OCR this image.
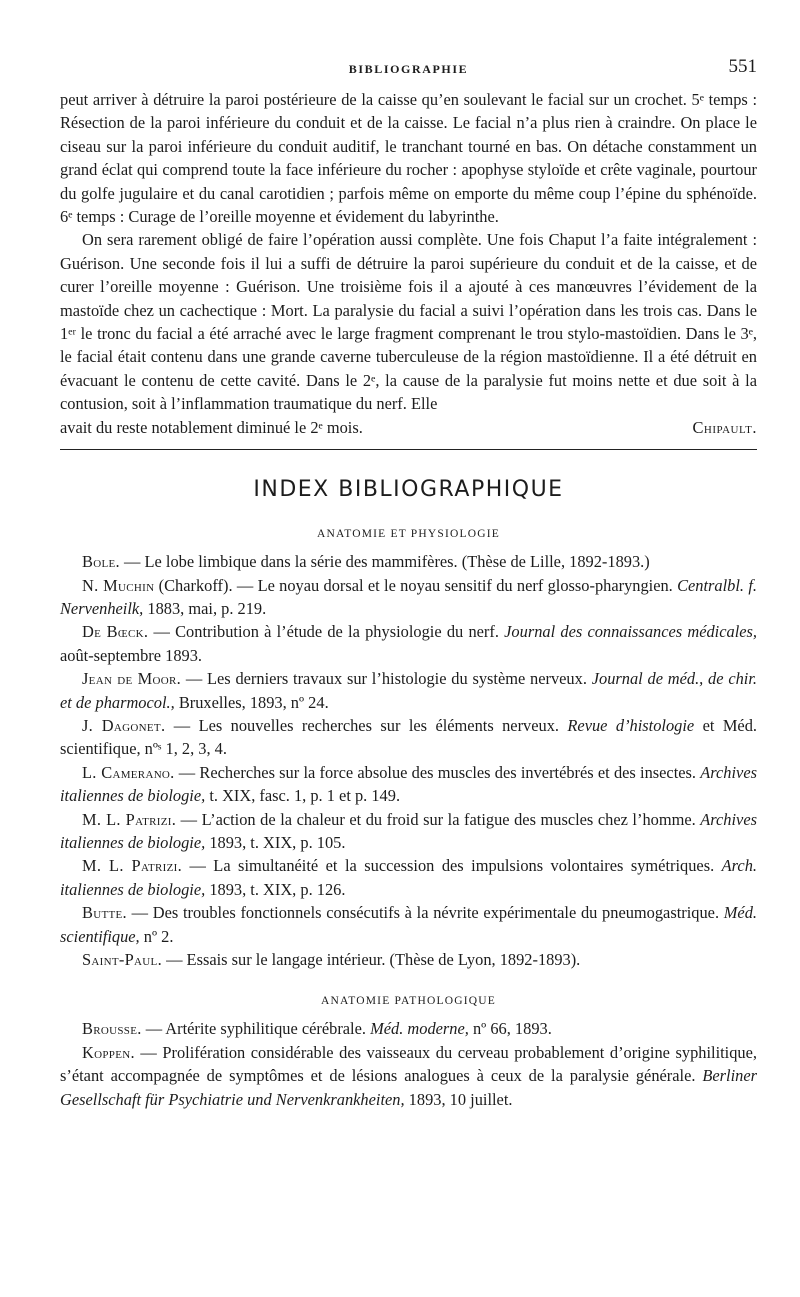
BIBLIOGRAPHIE	551

peut arriver à détruire la paroi postérieure de la caisse qu’en soulevant le facial sur un crochet. 5ᵉ temps : Résection de la paroi inférieure du conduit et de la caisse. Le facial n’a plus rien à craindre. On place le ciseau sur la paroi inférieure du conduit auditif, le tranchant tourné en bas. On détache constamment un grand éclat qui comprend toute la face inférieure du rocher : apophyse styloïde et crête vaginale, pourtour du golfe jugulaire et du canal carotidien ; parfois même on emporte du même coup l’épine du sphénoïde. 6ᵉ temps : Curage de l’oreille moyenne et évidement du labyrinthe.

On sera rarement obligé de faire l’opération aussi complète. Une fois Chaput l’a faite intégralement : Guérison. Une seconde fois il lui a suffi de détruire la paroi supérieure du conduit et de la caisse, et de curer l’oreille moyenne : Guérison. Une troisième fois il a ajouté à ces manœuvres l’évidement de la mastoïde chez un cachectique : Mort. La paralysie du facial a suivi l’opération dans les trois cas. Dans le 1ᵉʳ le tronc du facial a été arraché avec le large fragment comprenant le trou stylo-mastoïdien. Dans le 3ᵉ, le facial était contenu dans une grande caverne tuberculeuse de la région mastoïdienne. Il a été détruit en évacuant le contenu de cette cavité. Dans le 2ᵉ, la cause de la paralysie fut moins nette et due soit à la contusion, soit à l’inflammation traumatique du nerf. Elle

avait du reste notablement diminué le 2ᵉ mois.	Chipault.
INDEX BIBLIOGRAPHIQUE
ANATOMIE ET PHYSIOLOGIE

Bole. — Le lobe limbique dans la série des mammifères. (Thèse de Lille, 1892-1893.)

N. Muchin (Charkoff). — Le noyau dorsal et le noyau sensitif du nerf glosso-pharyngien. Centralbl. f. Nervenheilk, 1883, mai, p. 219.

De Bœck. — Contribution à l’étude de la physiologie du nerf. Journal des connaissances médicales, août-septembre 1893.

Jean de Moor. — Les derniers travaux sur l’histologie du système nerveux. Journal de méd., de chir. et de pharmocol., Bruxelles, 1893, nº 24.

J. Dagonet. — Les nouvelles recherches sur les éléments nerveux. Revue d’histologie et Méd. scientifique, nºˢ 1, 2, 3, 4.

L. Camerano. — Recherches sur la force absolue des muscles des invertébrés et des insectes. Archives italiennes de biologie, t. XIX, fasc. 1, p. 1 et p. 149.

M. L. Patrizi. — L’action de la chaleur et du froid sur la fatigue des muscles chez l’homme. Archives italiennes de biologie, 1893, t. XIX, p. 105.

M. L. Patrizi. — La simultanéité et la succession des impulsions volontaires symétriques. Arch. italiennes de biologie, 1893, t. XIX, p. 126.

Butte. — Des troubles fonctionnels consécutifs à la névrite expérimentale du pneumogastrique. Méd. scientifique, nº 2.

Saint-Paul. — Essais sur le langage intérieur. (Thèse de Lyon, 1892-1893).

ANATOMIE PATHOLOGIQUE

Brousse. — Artérite syphilitique cérébrale. Méd. moderne, nº 66, 1893.

Koppen. — Prolifération considérable des vaisseaux du cerveau probablement d’origine syphilitique, s’étant accompagnée de symptômes et de lésions analogues à ceux de la paralysie générale. Berliner Gesellschaft für Psychiatrie und Nervenkrankheiten, 1893, 10 juillet.
